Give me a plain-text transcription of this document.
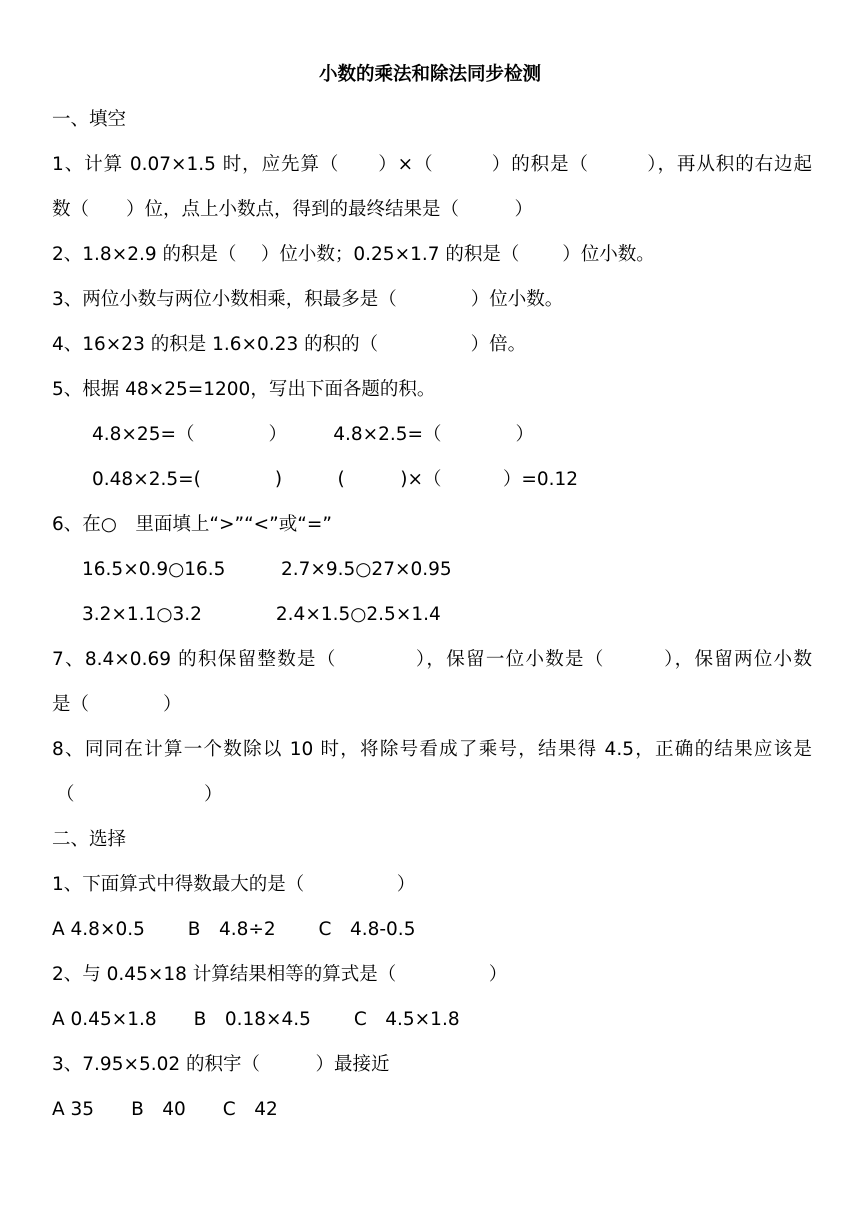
小数的乘法和除法同步检测
一、填空
1、计算 0.07×1.5 时，应先算（　　）×（　　　）的积是（　　　），再从积的右边起
数（　　）位，点上小数点，得到的最终结果是（　　　）
2、1.8×2.9 的积是（　 ）位小数；0.25×1.7 的积是（　　 ）位小数。
3、两位小数与两位小数相乘，积最多是（　　　　）位小数。
4、16×23 的积是 1.6×0.23 的积的（　　　　　）倍。
5、根据 48×25=1200，写出下面各题的积。
4.8×25=（　　　　）　　　4.8×2.5=（　　　　）
0.48×2.5=(　　　　)　　　(　　　)×（　　　 ）=0.12
6、在○　里面填上“>”“<”或“=”
16.5×0.9○16.5　　　2.7×9.5○27×0.95
3.2×1.1○3.2　　　　2.4×1.5○2.5×1.4
7、8.4×0.69 的积保留整数是（　　　　），保留一位小数是（　　　），保留两位小数
是（　　　　）
8、同同在计算一个数除以 10 时，将除号看成了乘号，结果得 4.5，正确的结果应该是
（　　　　　　　）
二、选择
1、下面算式中得数最大的是（　　　　　）
A 4.8×0.5　　 B　4.8÷2　　 C　4.8-0.5
2、与 0.45×18 计算结果相等的算式是（　　　　　）
A 0.45×1.8　　B　0.18×4.5　　 C　4.5×1.8
3、7.95×5.02 的积宇（　　　）最接近
A 35　　B　40　　C　42
